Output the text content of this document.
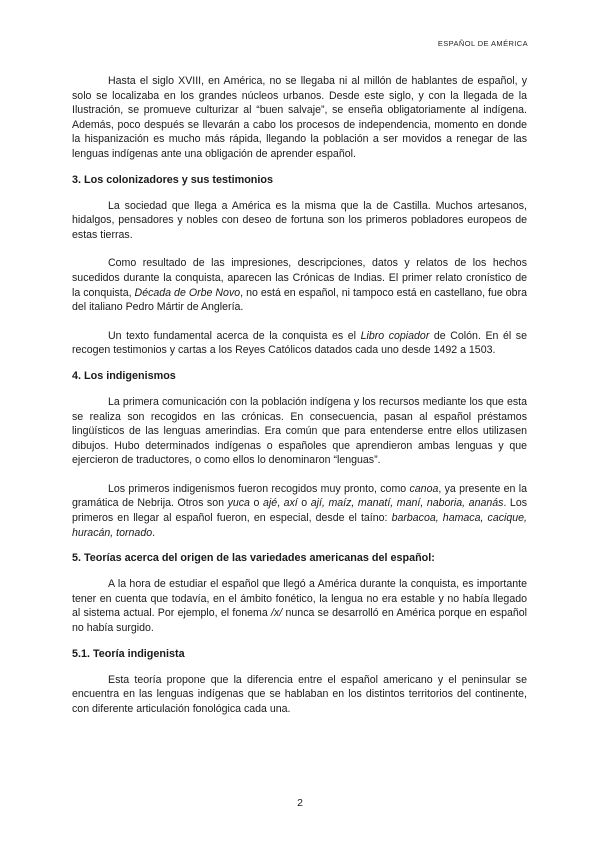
ESPAÑOL DE AMÉRICA

Hasta el siglo XVIII, en América, no se llegaba ni al millón de hablantes de español, y solo se localizaba en los grandes núcleos urbanos. Desde este siglo, y con la llegada de la Ilustración, se promueve culturizar al “buen salvaje”, se enseña obligatoriamente al indígena. Además, poco después se llevarán a cabo los procesos de independencia, momento en donde la hispanización es mucho más rápida, llegando la población a ser movidos a renegar de las lenguas indígenas ante una obligación de aprender español.

3. Los colonizadores y sus testimonios

La sociedad que llega a América es la misma que la de Castilla. Muchos artesanos, hidalgos, pensadores y nobles con deseo de fortuna son los primeros pobladores europeos de estas tierras.

Como resultado de las impresiones, descripciones, datos y relatos de los hechos sucedidos durante la conquista, aparecen las Crónicas de Indias. El primer relato cronístico de la conquista, Década de Orbe Novo, no está en español, ni tampoco está en castellano, fue obra del italiano Pedro Mártir de Anglería.

Un texto fundamental acerca de la conquista es el Libro copiador de Colón. En él se recogen testimonios y cartas a los Reyes Católicos datados cada uno desde 1492 a 1503.

4. Los indigenismos

La primera comunicación con la población indígena y los recursos mediante los que esta se realiza son recogidos en las crónicas. En consecuencia, pasan al español préstamos lingüísticos de las lenguas amerindias. Era común que para entenderse entre ellos utilizasen dibujos. Hubo determinados indígenas o españoles que aprendieron ambas lenguas y que ejercieron de traductores, o como ellos lo denominaron “lenguas”.

Los primeros indigenismos fueron recogidos muy pronto, como canoa, ya presente en la gramática de Nebrija. Otros son yuca o ajé, axí o ají, maíz, manatí, maní, naboria, ananás. Los primeros en llegar al español fueron, en especial, desde el taíno: barbacoa, hamaca, cacique, huracán, tornado.

5. Teorías acerca del origen de las variedades americanas del español:

A la hora de estudiar el español que llegó a América durante la conquista, es importante tener en cuenta que todavía, en el ámbito fonético, la lengua no era estable y no había llegado al sistema actual. Por ejemplo, el fonema /x/ nunca se desarrolló en América porque en español no había surgido.

5.1. Teoría indigenista

Esta teoría propone que la diferencia entre el español americano y el peninsular se encuentra en las lenguas indígenas que se hablaban en los distintos territorios del continente, con diferente articulación fonológica cada una.

2
